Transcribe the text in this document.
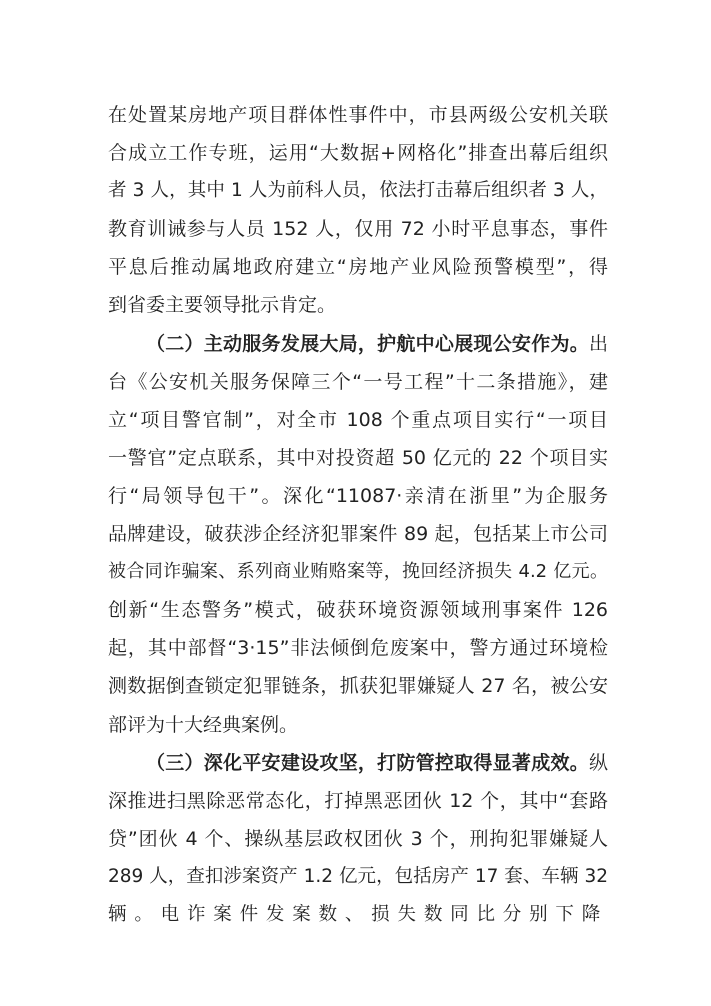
在处置某房地产项目群体性事件中，市县两级公安机关联
合成立工作专班，运用“大数据+网格化”排查出幕后组织
者 3 人，其中 1 人为前科人员，依法打击幕后组织者 3 人，
教育训诫参与人员 152 人，仅用 72 小时平息事态，事件
平息后推动属地政府建立“房地产业风险预警模型”，得
到省委主要领导批示肯定。
（二）主动服务发展大局，护航中心展现公安作为。出
台《公安机关服务保障三个“一号工程”十二条措施》，建
立“项目警官制”，对全市 108 个重点项目实行“一项目
一警官”定点联系，其中对投资超 50 亿元的 22 个项目实
行“局领导包干”。深化“11087·亲清在浙里”为企服务
品牌建设，破获涉企经济犯罪案件 89 起，包括某上市公司
被合同诈骗案、系列商业贿赂案等，挽回经济损失 4.2 亿元。
创新“生态警务”模式，破获环境资源领域刑事案件 126
起，其中部督“3·15”非法倾倒危废案中，警方通过环境检
测数据倒查锁定犯罪链条，抓获犯罪嫌疑人 27 名，被公安
部评为十大经典案例。
（三）深化平安建设攻坚，打防管控取得显著成效。纵
深推进扫黑除恶常态化，打掉黑恶团伙 12 个，其中“套路
贷”团伙 4 个、操纵基层政权团伙 3 个，刑拘犯罪嫌疑人
289 人，查扣涉案资产 1.2 亿元，包括房产 17 套、车辆 32
辆。电诈案件发案数、损失数同比分别下降
